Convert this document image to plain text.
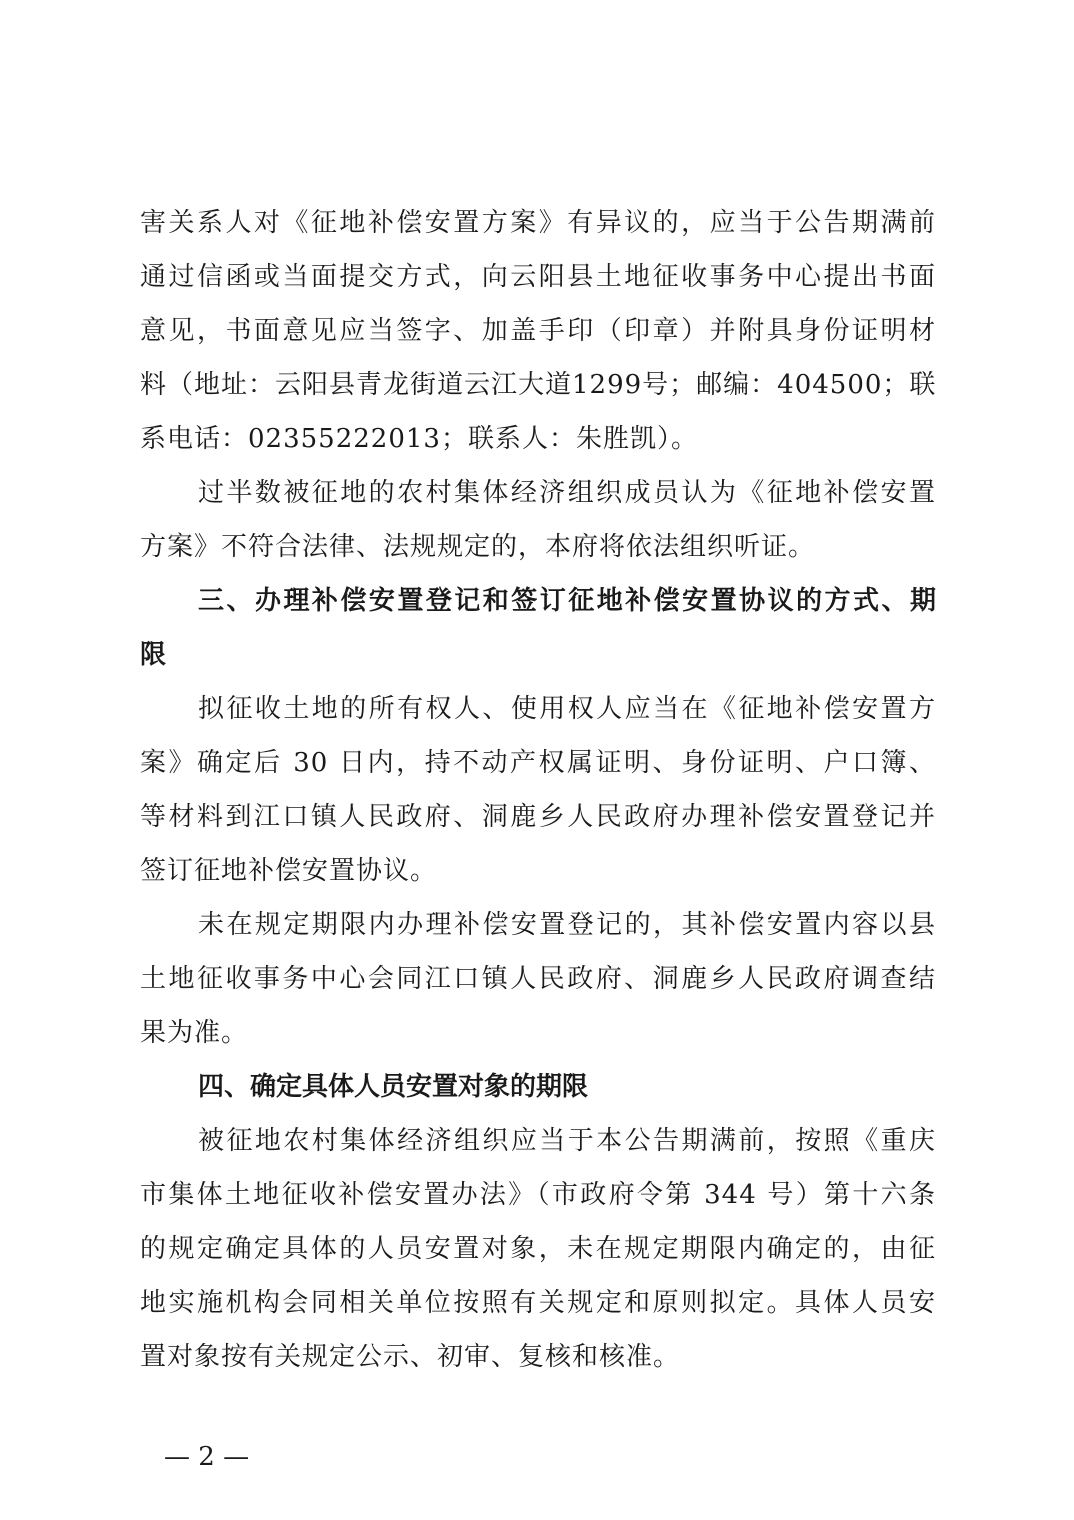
害关系人对《征地补偿安置方案》有异议的，应当于公告期满前
通过信函或当面提交方式，向云阳县土地征收事务中心提出书面
意见，书面意见应当签字、加盖手印（印章）并附具身份证明材
料（地址：云阳县青龙街道云江大道1299号；邮编：404500；联
系电话：02355222013；联系人：朱胜凯）。
过半数被征地的农村集体经济组织成员认为《征地补偿安置
方案》不符合法律、法规规定的，本府将依法组织听证。
三、办理补偿安置登记和签订征地补偿安置协议的方式、期
限
拟征收土地的所有权人、使用权人应当在《征地补偿安置方
案》确定后 30 日内，持不动产权属证明、身份证明、户口簿、
等材料到江口镇人民政府、洞鹿乡人民政府办理补偿安置登记并
签订征地补偿安置协议。
未在规定期限内办理补偿安置登记的，其补偿安置内容以县
土地征收事务中心会同江口镇人民政府、洞鹿乡人民政府调查结
果为准。
四、确定具体人员安置对象的期限
被征地农村集体经济组织应当于本公告期满前，按照《重庆
市集体土地征收补偿安置办法》（市政府令第 344 号）第十六条
的规定确定具体的人员安置对象，未在规定期限内确定的，由征
地实施机构会同相关单位按照有关规定和原则拟定。具体人员安
置对象按有关规定公示、初审、复核和核准。
— 2 —
